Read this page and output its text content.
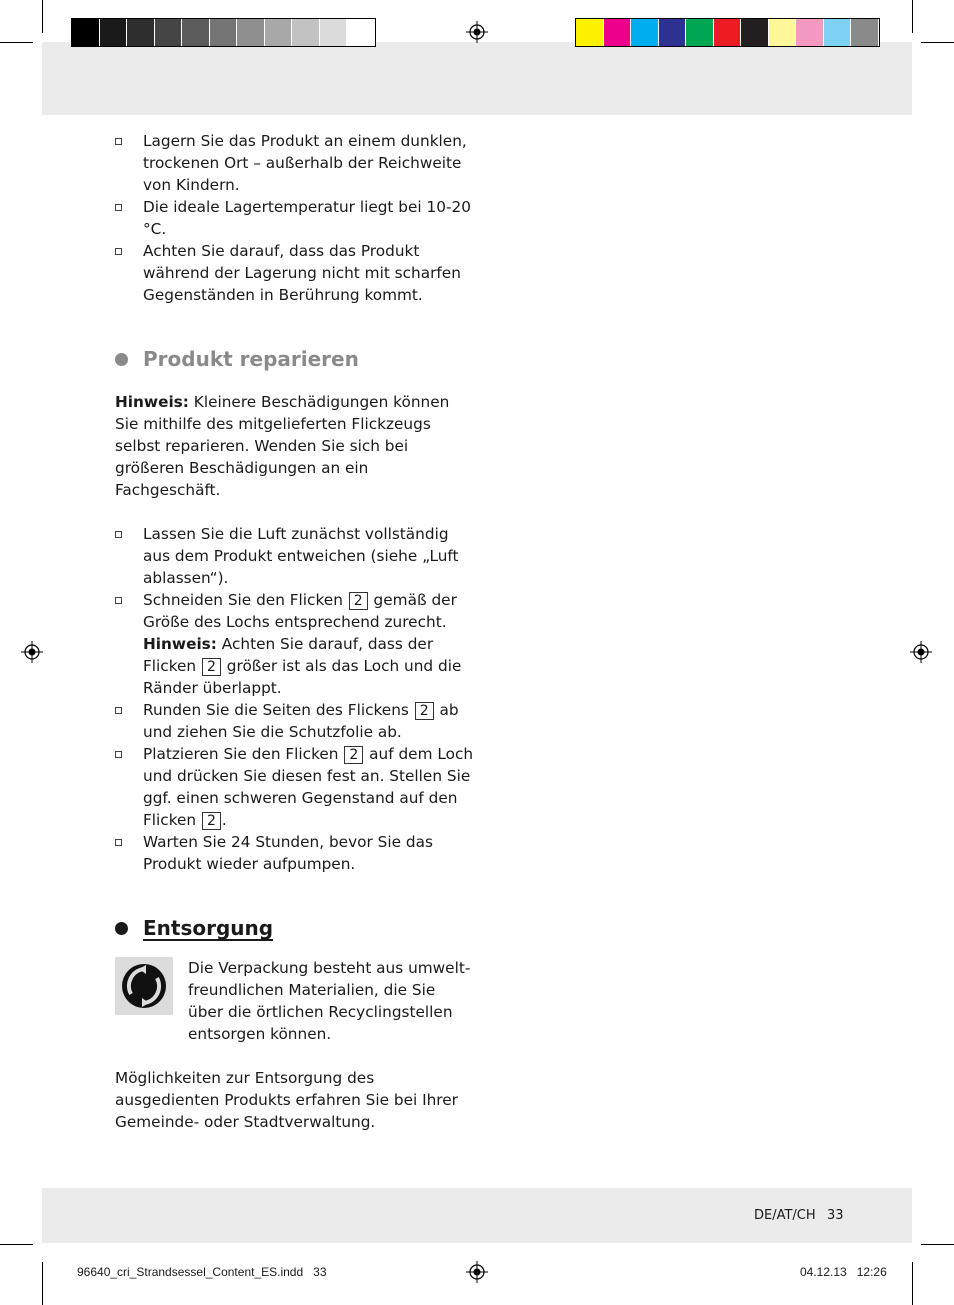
Lagern Sie das Produkt an einem dunklen, trockenen Ort – außerhalb der Reichweite von Kindern.
Die ideale Lagertemperatur liegt bei 10-20 °C.
Achten Sie darauf, dass das Produkt während der Lagerung nicht mit scharfen Gegenständen in Berührung kommt.
Produkt reparieren

Hinweis: Kleinere Beschädigungen können Sie mithilfe des mitgelieferten Flickzeugs selbst reparieren. Wenden Sie sich bei größeren Beschädigungen an ein Fachgeschäft.

Lassen Sie die Luft zunächst vollständig aus dem Produkt entweichen (siehe „Luft ablassen“).
Schneiden Sie den Flicken 2 gemäß der Größe des Lochs entsprechend zurecht.
Hinweis: Achten Sie darauf, dass der Flicken 2 größer ist als das Loch und die Ränder überlappt.
Runden Sie die Seiten des Flickens 2 ab und ziehen Sie die Schutzfolie ab.
Platzieren Sie den Flicken 2 auf dem Loch und drücken Sie diesen fest an. Stellen Sie ggf. einen schweren Gegenstand auf den Flicken 2 .
Warten Sie 24 Stunden, bevor Sie das Produkt wieder aufpumpen.
Entsorgung
Die Verpackung besteht aus umwelt-freundlichen Materialien, die Sie über die örtlichen Recyclingstellen entsorgen können.

Möglichkeiten zur Entsorgung des ausgedienten Produkts erfahren Sie bei Ihrer Gemeinde- oder Stadtverwaltung.

DE/AT/CH 33
96640_cri_Strandsessel_Content_ES.indd 33	04.12.13 12:26
